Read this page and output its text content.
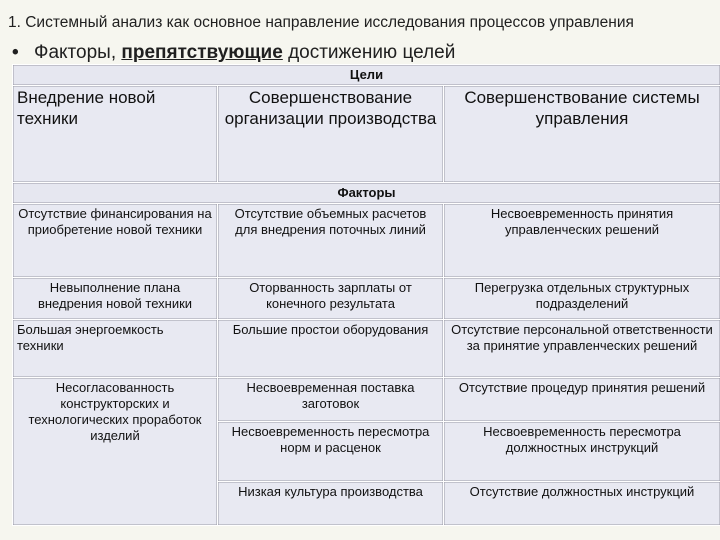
1. Системный анализ как основное направление исследования процессов управления
• Факторы, препятствующие достижению целей
Цели		
Внедрение новой техники	Совершенствование организации производства	Совершенствование системы управления
Факторы		
Отсутствие финансирования на приобретение новой техники	Отсутствие объемных расчетов для внедрения поточных линий	Несвоевременность принятия управленческих решений
Невыполнение плана внедрения новой техники	Оторванность зарплаты от конечного результата	Перегрузка отдельных структурных подразделений
Большая энергоемкость техники	Большие простои оборудования	Отсутствие персональной ответственности за принятие управленческих решений
Несогласованность конструкторских и технологических проработок изделий	Несвоевременная поставка заготовок	Отсутствие процедур принятия решений
	Несвоевременность пересмотра норм и расценок	Несвоевременность пересмотра должностных инструкций
	Низкая культура производства	Отсутствие должностных инструкций
